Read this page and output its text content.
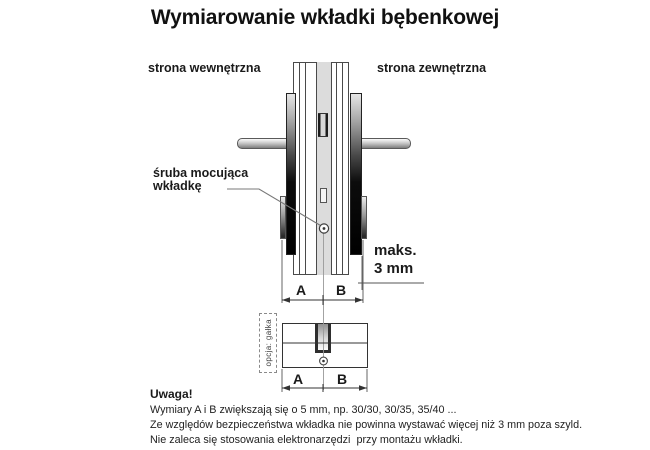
Wymiarowanie wkładki bębenkowej
strona wewnętrzna	strona zewnętrzna
śruba mocująca
wkładkę
maks.
3 mm
A B
opcja: gałka
A B
Uwaga!
Wymiary A i B zwiększają się o 5 mm, np. 30/30, 30/35, 35/40 ...
Ze względów bezpieczeństwa wkładka nie powinna wystawać więcej niż 3 mm poza szyld.
Nie zaleca się stosowania elektronarzędzi  przy montażu wkładki.
